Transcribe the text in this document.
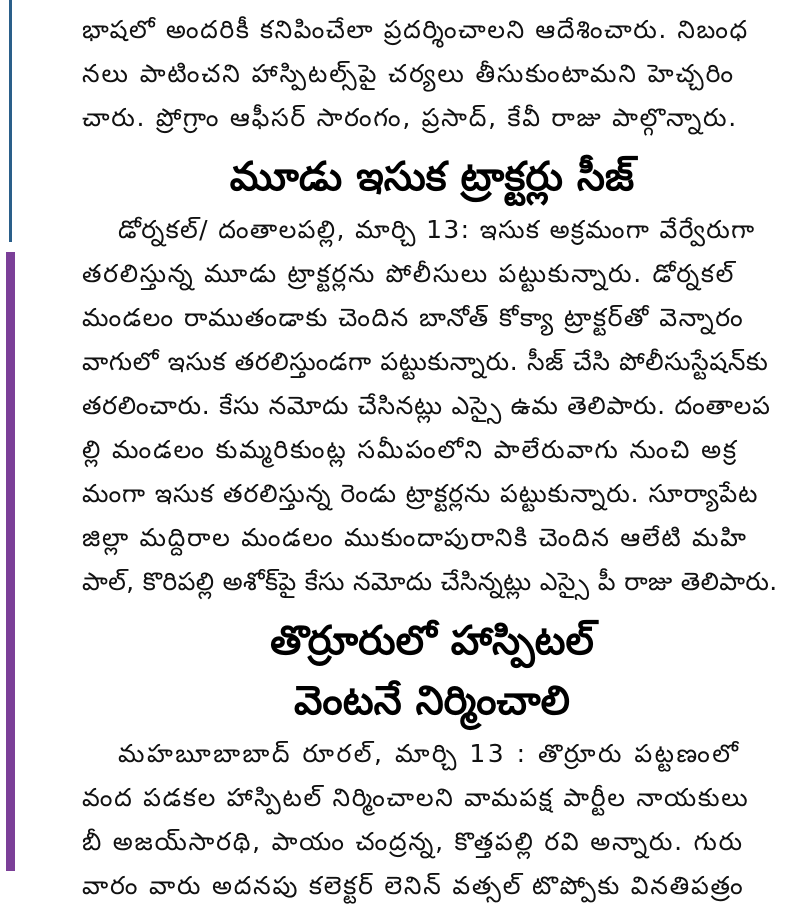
భాషలో అందరికీ కనిపించేలా ప్రదర్శించాలని ఆదేశించారు. నిబంధ
నలు పాటించని హాస్పిటల్స్‌పై చర్యలు తీసుకుంటామని హెచ్చరిం
చారు. ప్రోగ్రాం ఆఫీసర్ సారంగం, ప్రసాద్, కేవీ రాజు పాల్గొన్నారు.
మూడు ఇసుక ట్రాక్టర్లు సీజ్
డోర్నకల్/ దంతాలపల్లి, మార్చి 13: ఇసుక అక్రమంగా వేర్వేరుగా
తరలిస్తున్న మూడు ట్రాక్టర్లను పోలీసులు పట్టుకున్నారు. డోర్నకల్
మండలం రాముతండాకు చెందిన బానోత్ కోక్యా ట్రాక్టర్‌తో వెన్నారం
వాగులో ఇసుక తరలిస్తుండగా పట్టుకున్నారు. సీజ్ చేసి పోలీసుస్టేషన్‌కు
తరలించారు. కేసు నమోదు చేసినట్లు ఎస్సై ఉమ తెలిపారు. దంతాలప
ల్లి మండలం కుమ్మరికుంట్ల సమీపంలోని పాలేరువాగు నుంచి అక్ర
మంగా ఇసుక తరలిస్తున్న రెండు ట్రాక్టర్లను పట్టుకున్నారు. సూర్యాపేట
జిల్లా మద్దిరాల మండలం ముకుందాపురానికి చెందిన ఆలేటి మహి
పాల్, కొరిపల్లి అశోక్‌పై కేసు నమోదు చేసిన్నట్లు ఎస్సై పీ రాజు తెలిపారు.
తొర్రూరులో హాస్పిటల్
వెంటనే నిర్మించాలి
మహబూబాబాద్ రూరల్, మార్చి 13 : తొర్రూరు పట్టణంలో
వంద పడకల హాస్పిటల్ నిర్మించాలని వామపక్ష పార్టీల నాయకులు
బీ అజయ్‌సారథి, పాయం చంద్రన్న, కొత్తపల్లి రవి అన్నారు. గురు
వారం వారు అదనపు కలెక్టర్ లెనిన్ వత్సల్ టొప్పోకు వినతిపత్రం
